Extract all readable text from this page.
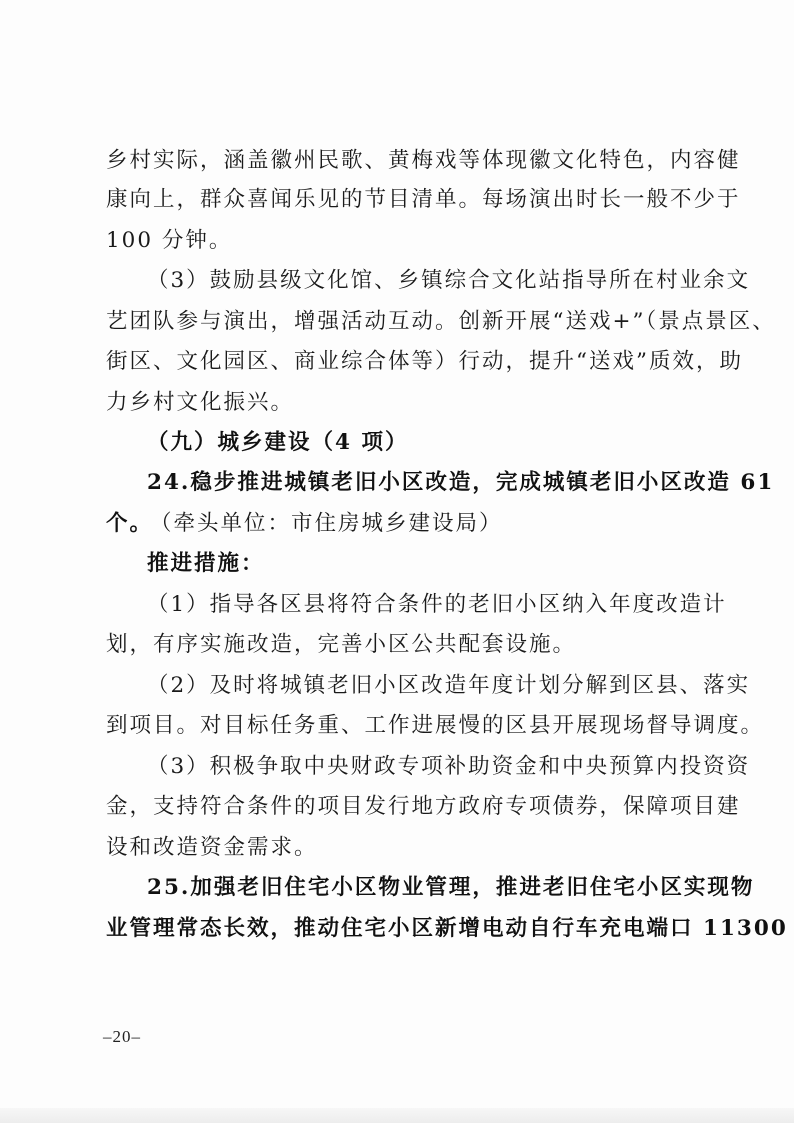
乡村实际，涵盖徽州民歌、黄梅戏等体现徽文化特色，内容健
康向上，群众喜闻乐见的节目清单。每场演出时长一般不少于
100 分钟。
（3）鼓励县级文化馆、乡镇综合文化站指导所在村业余文
艺团队参与演出，增强活动互动。创新开展“送戏+”（景点景区、
街区、文化园区、商业综合体等）行动，提升“送戏”质效，助
力乡村文化振兴。
（九）城乡建设（4 项）
24.稳步推进城镇老旧小区改造，完成城镇老旧小区改造 61
个。
（牵头单位：市住房城乡建设局）
推进措施：
（1）指导各区县将符合条件的老旧小区纳入年度改造计
划，有序实施改造，完善小区公共配套设施。
（2）及时将城镇老旧小区改造年度计划分解到区县、落实
到项目。对目标任务重、工作进展慢的区县开展现场督导调度。
（3）积极争取中央财政专项补助资金和中央预算内投资资
金，支持符合条件的项目发行地方政府专项债券，保障项目建
设和改造资金需求。
25.加强老旧住宅小区物业管理，推进老旧住宅小区实现物
业管理常态长效，推动住宅小区新增电动自行车充电端口 11300
–20–
